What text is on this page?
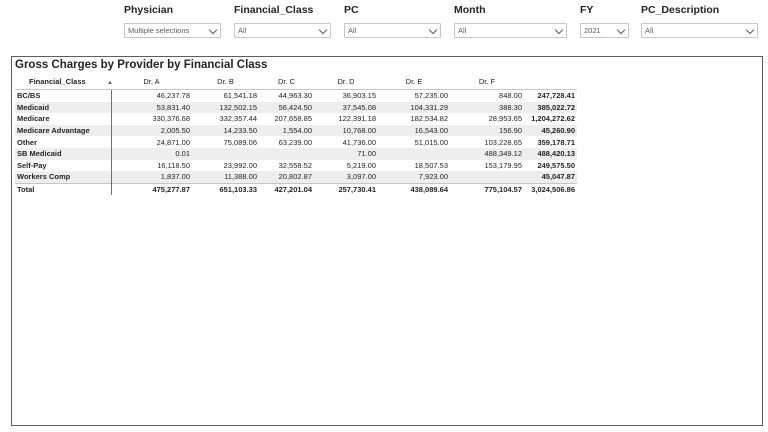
Physician
Multiple selections
Financial_Class
All
PC
All
Month
All
FY
2021
PC_Description
All
Gross Charges by Provider by Financial Class
Financial_Class ▲	Dr. A	Dr. B	Dr. C	Dr. D	Dr. E	Dr. F	
BC/BS	46,237.78	61,541.18	44,963.30	36,903.15	57,235.00	848.00	247,728.41
Medicaid	53,831.40	132,502.15	56,424.50	37,545.08	104,331.29	388.30	385,022.72
Medicare	330,376.68	332,357.44	207,658.85	122,391.18	182,534.82	28,953.65	1,204,272.62
Medicare Advantage	2,005.50	14,233.50	1,554.00	10,768.00	16,543.00	156.90	45,260.90
Other	24,871.00	75,089.06	63,239.00	41,736.00	51,015.00	103,228.65	359,178.71
SB Medicaid	0.01			71.00		488,349.12	488,420.13
Self-Pay	16,118.50	23,992.00	32,558.52	5,219.00	18,507.53	153,179.95	249,575.50
Workers Comp	1,837.00	11,388.00	20,802.87	3,097.00	7,923.00		45,047.87
Total	475,277.87	651,103.33	427,201.04	257,730.41	438,089.64	775,104.57	3,024,506.86
